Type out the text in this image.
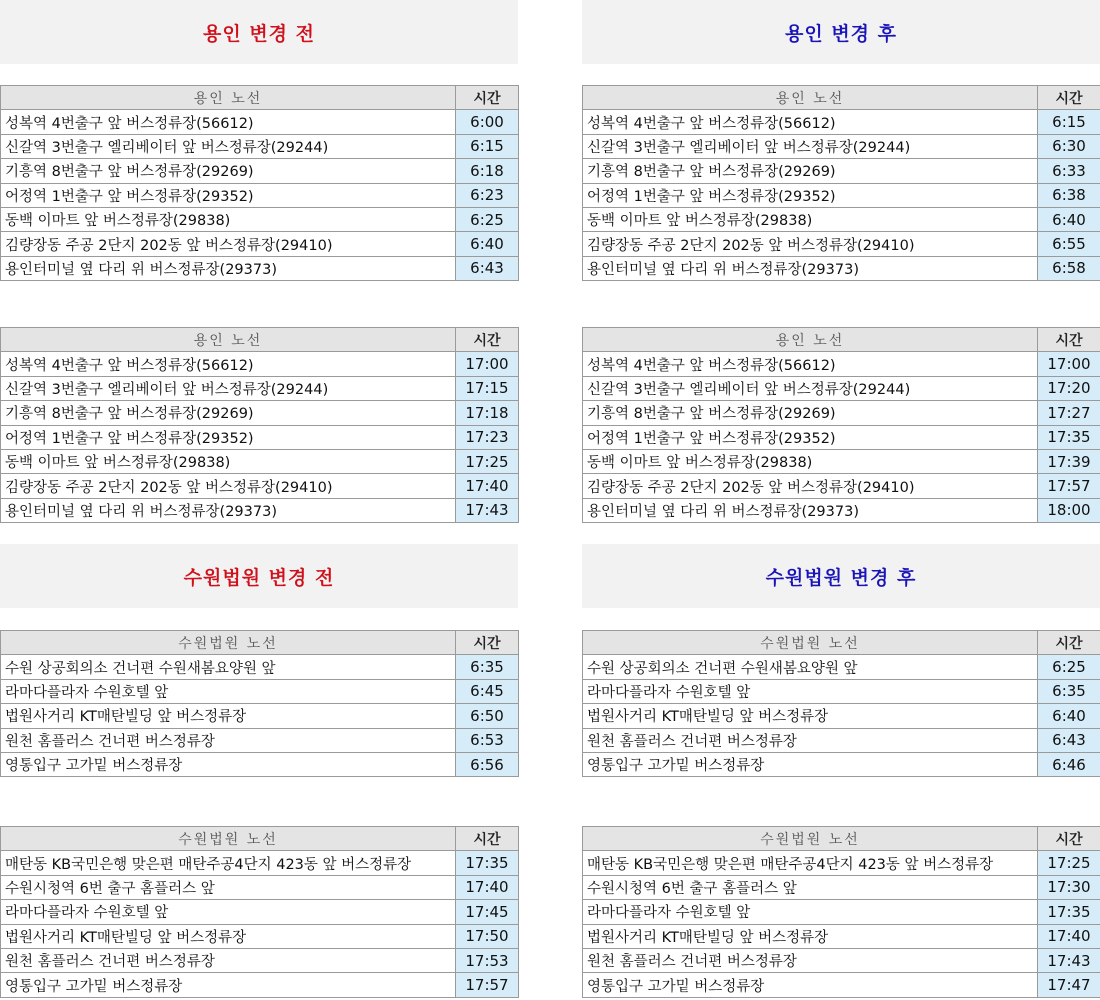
용인 변경 전	용인 변경 후
수원법원 변경 전	수원법원 변경 후
용인 노선	시간
성복역 4번출구 앞 버스정류장(56612)	6:00
신갈역 3번출구 엘리베이터 앞 버스정류장(29244)	6:15
기흥역 8번출구 앞 버스정류장(29269)	6:18
어정역 1번출구 앞 버스정류장(29352)	6:23
동백 이마트 앞 버스정류장(29838)	6:25
김량장동 주공 2단지 202동 앞 버스정류장(29410)	6:40
용인터미널 옆 다리 위 버스정류장(29373)	6:43
용인 노선	시간
성복역 4번출구 앞 버스정류장(56612)	6:15
신갈역 3번출구 엘리베이터 앞 버스정류장(29244)	6:30
기흥역 8번출구 앞 버스정류장(29269)	6:33
어정역 1번출구 앞 버스정류장(29352)	6:38
동백 이마트 앞 버스정류장(29838)	6:40
김량장동 주공 2단지 202동 앞 버스정류장(29410)	6:55
용인터미널 옆 다리 위 버스정류장(29373)	6:58
용인 노선	시간
성복역 4번출구 앞 버스정류장(56612)	17:00
신갈역 3번출구 엘리베이터 앞 버스정류장(29244)	17:15
기흥역 8번출구 앞 버스정류장(29269)	17:18
어정역 1번출구 앞 버스정류장(29352)	17:23
동백 이마트 앞 버스정류장(29838)	17:25
김량장동 주공 2단지 202동 앞 버스정류장(29410)	17:40
용인터미널 옆 다리 위 버스정류장(29373)	17:43
용인 노선	시간
성복역 4번출구 앞 버스정류장(56612)	17:00
신갈역 3번출구 엘리베이터 앞 버스정류장(29244)	17:20
기흥역 8번출구 앞 버스정류장(29269)	17:27
어정역 1번출구 앞 버스정류장(29352)	17:35
동백 이마트 앞 버스정류장(29838)	17:39
김량장동 주공 2단지 202동 앞 버스정류장(29410)	17:57
용인터미널 옆 다리 위 버스정류장(29373)	18:00
수원법원 노선	시간
수원 상공회의소 건너편 수원새봄요양원 앞	6:35
라마다플라자 수원호텔 앞	6:45
법원사거리 KT매탄빌딩 앞 버스정류장	6:50
원천 홈플러스 건너편 버스정류장	6:53
영통입구 고가밑 버스정류장	6:56
수원법원 노선	시간
수원 상공회의소 건너편 수원새봄요양원 앞	6:25
라마다플라자 수원호텔 앞	6:35
법원사거리 KT매탄빌딩 앞 버스정류장	6:40
원천 홈플러스 건너편 버스정류장	6:43
영통입구 고가밑 버스정류장	6:46
수원법원 노선	시간
매탄동 KB국민은행 맞은편 매탄주공4단지 423동 앞 버스정류장	17:35
수원시청역 6번 출구 홈플러스 앞	17:40
라마다플라자 수원호텔 앞	17:45
법원사거리 KT매탄빌딩 앞 버스정류장	17:50
원천 홈플러스 건너편 버스정류장	17:53
영통입구 고가밑 버스정류장	17:57
수원법원 노선	시간
매탄동 KB국민은행 맞은편 매탄주공4단지 423동 앞 버스정류장	17:25
수원시청역 6번 출구 홈플러스 앞	17:30
라마다플라자 수원호텔 앞	17:35
법원사거리 KT매탄빌딩 앞 버스정류장	17:40
원천 홈플러스 건너편 버스정류장	17:43
영통입구 고가밑 버스정류장	17:47
